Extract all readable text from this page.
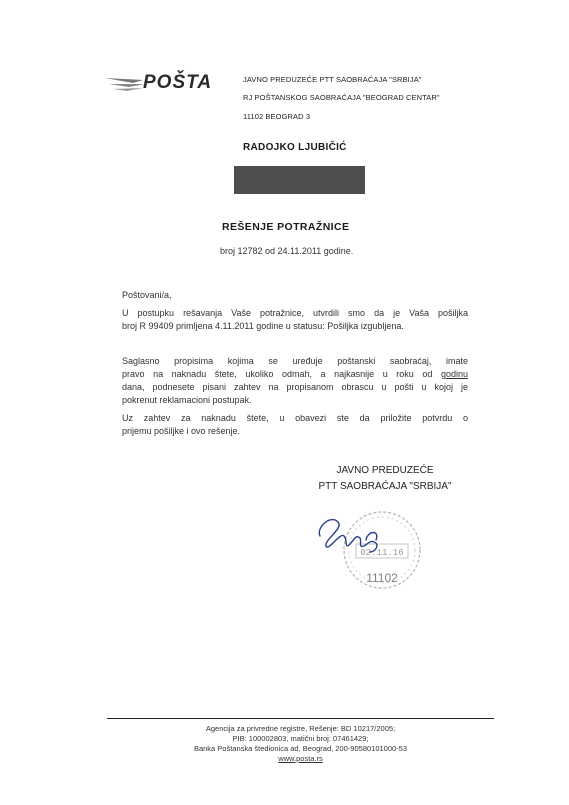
POŠTA	JAVNO PREDUZEĆE PTT SAOBRAĆAJA "SRBIJA"
RJ POŠTANSKOG SAOBRAĆAJA "BEOGRAD CENTAR"
11102 BEOGRAD 3
RADOJKO LJUBIČIĆ
REŠENJE POTRAŽNICE
broj 12782 od 24.11.2011 godine.
Poštovani/a,
U postupku rešavanja Vaše potražnice, utvrdili smo da je Vaša pošiljka
broj R 99409 primljena 4.11.2011 godine u statusu: Pošiljka izgubljena.
Saglasno propisima kojima se uređuje poštanski saobraćaj, imate
pravo na naknadu štete, ukoliko odmah, a najkasnije u roku od godinu
dana, podnesete pisani zahtev na propisanom obrascu u pošti u kojoj je
pokrenut reklamacioni postupak.
Uz zahtev za naknadu štete, u obavezi ste da priložite potvrdu o
prijemu pošiljke i ovo rešenje.
JAVNO PREDUZEĆE
PTT SAOBRAĆAJA "SRBIJA"
02.11.16
11102
Agencija za privredne registre, Rešenje: BD 10217/2005;
PIB: 100002803, matični broj: 07461429;
Banka Poštanska štedionica ad, Beograd, 200-90580101000-53
www.posta.rs
